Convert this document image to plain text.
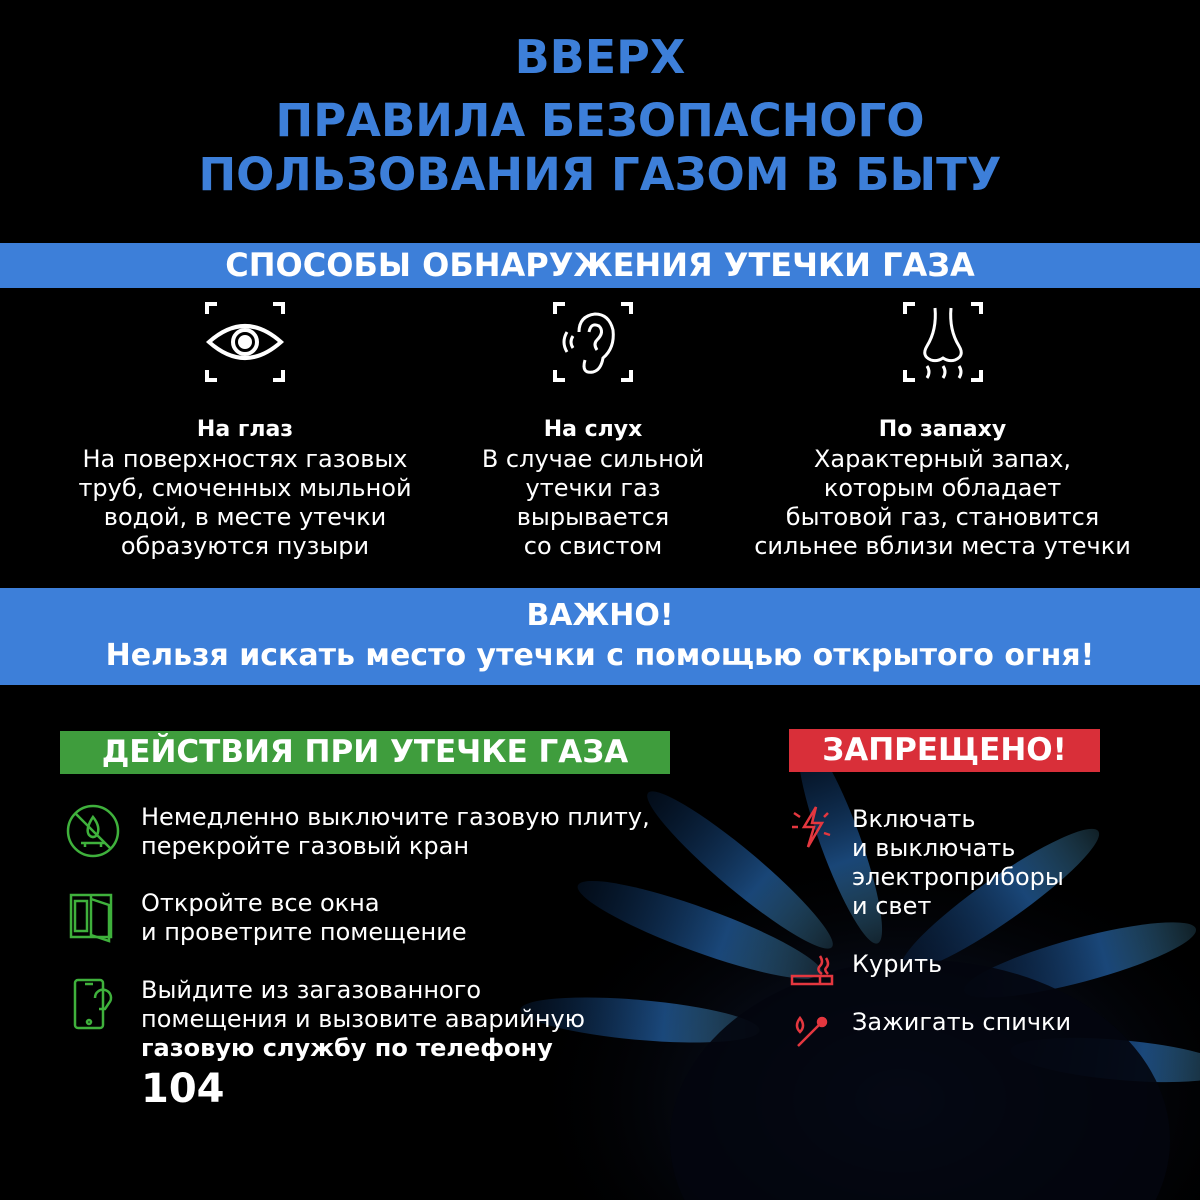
ВВЕРХ
ПРАВИЛА БЕЗОПАСНОГО
ПОЛЬЗОВАНИЯ ГАЗОМ В БЫТУ
СПОСОБЫ ОБНАРУЖЕНИЯ УТЕЧКИ ГАЗА
На глаз
На поверхностях газовых
труб, смоченных мыльной
водой, в месте утечки
образуются пузыри
На слух
В случае сильной
утечки газ
вырывается
со свистом
По запаху
Характерный запах,
которым обладает
бытовой газ, становится
сильнее вблизи места утечки
ВАЖНО!
Нельзя искать место утечки с помощью открытого огня!
ДЕЙСТВИЯ ПРИ УТЕЧКЕ ГАЗА	ЗАПРЕЩЕНО!
Немедленно выключите газовую плиту,
перекройте газовый кран
Откройте все окна
и проветрите помещение
Выйдите из загазованного
помещения и вызовите аварийную
газовую службу по телефону
104
Включать
и выключать
электроприборы
и свет
Курить
Зажигать спички
